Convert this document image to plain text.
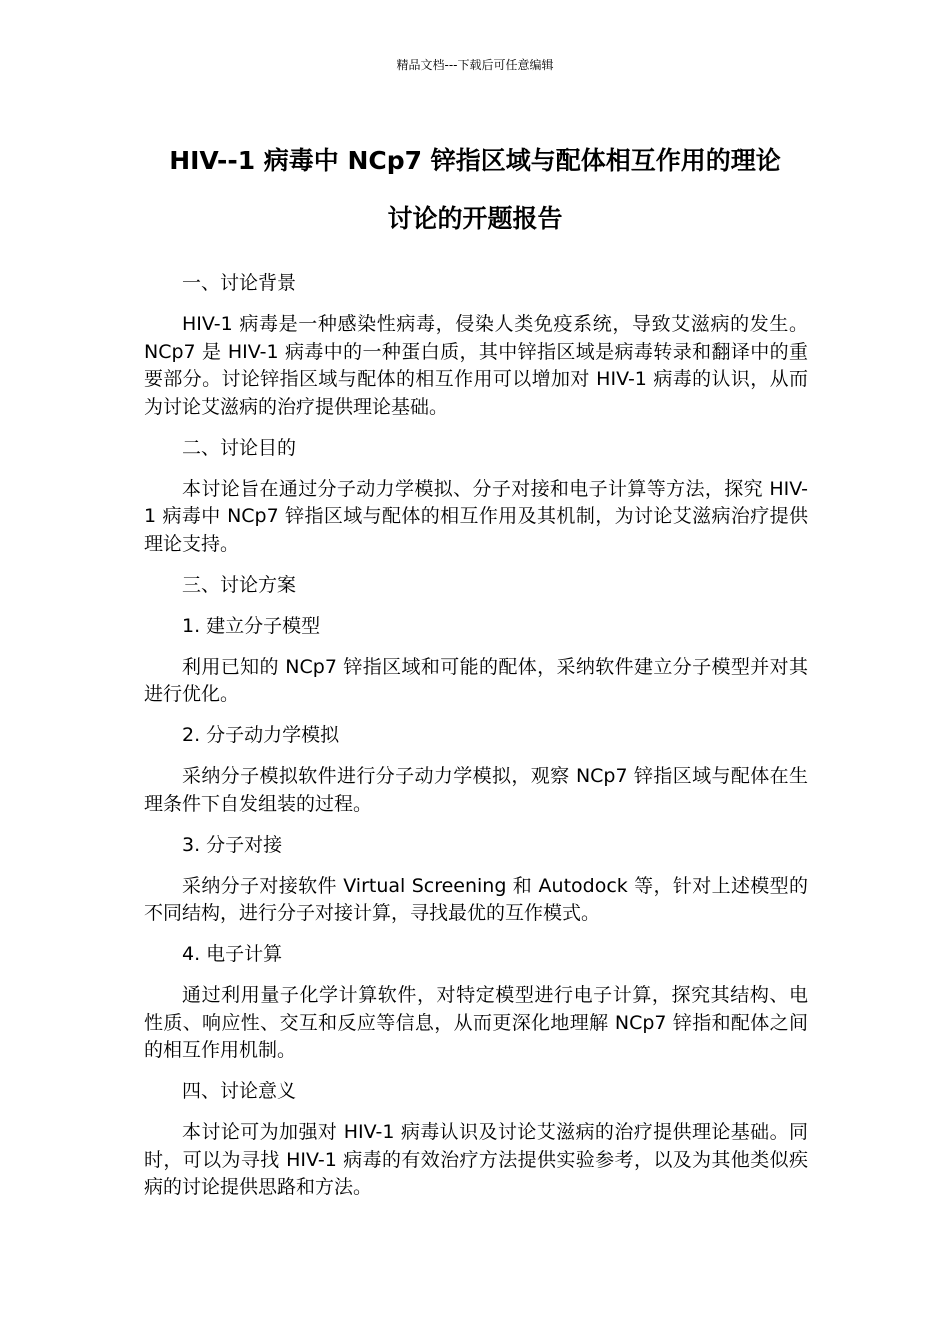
精品文档---下载后可任意编辑
HIV--1 病毒中 NCp7 锌指区域与配体相互作用的理论
讨论的开题报告

一、讨论背景

HIV-1 病毒是一种感染性病毒，侵染人类免疫系统，导致艾滋病的发生。NCp7 是 HIV-1 病毒中的一种蛋白质，其中锌指区域是病毒转录和翻译中的重要部分。讨论锌指区域与配体的相互作用可以增加对 HIV-1 病毒的认识，从而为讨论艾滋病的治疗提供理论基础。

二、讨论目的

本讨论旨在通过分子动力学模拟、分子对接和电子计算等方法，探究 HIV-1 病毒中 NCp7 锌指区域与配体的相互作用及其机制，为讨论艾滋病治疗提供理论支持。

三、讨论方案

1. 建立分子模型

利用已知的 NCp7 锌指区域和可能的配体，采纳软件建立分子模型并对其进行优化。

2. 分子动力学模拟

采纳分子模拟软件进行分子动力学模拟，观察 NCp7 锌指区域与配体在生理条件下自发组装的过程。

3. 分子对接

采纳分子对接软件 Virtual Screening 和 Autodock 等，针对上述模型的不同结构，进行分子对接计算，寻找最优的互作模式。

4. 电子计算

通过利用量子化学计算软件，对特定模型进行电子计算，探究其结构、电性质、响应性、交互和反应等信息，从而更深化地理解 NCp7 锌指和配体之间的相互作用机制。

四、讨论意义

本讨论可为加强对 HIV-1 病毒认识及讨论艾滋病的治疗提供理论基础。同时，可以为寻找 HIV-1 病毒的有效治疗方法提供实验参考，以及为其他类似疾病的讨论提供思路和方法。
